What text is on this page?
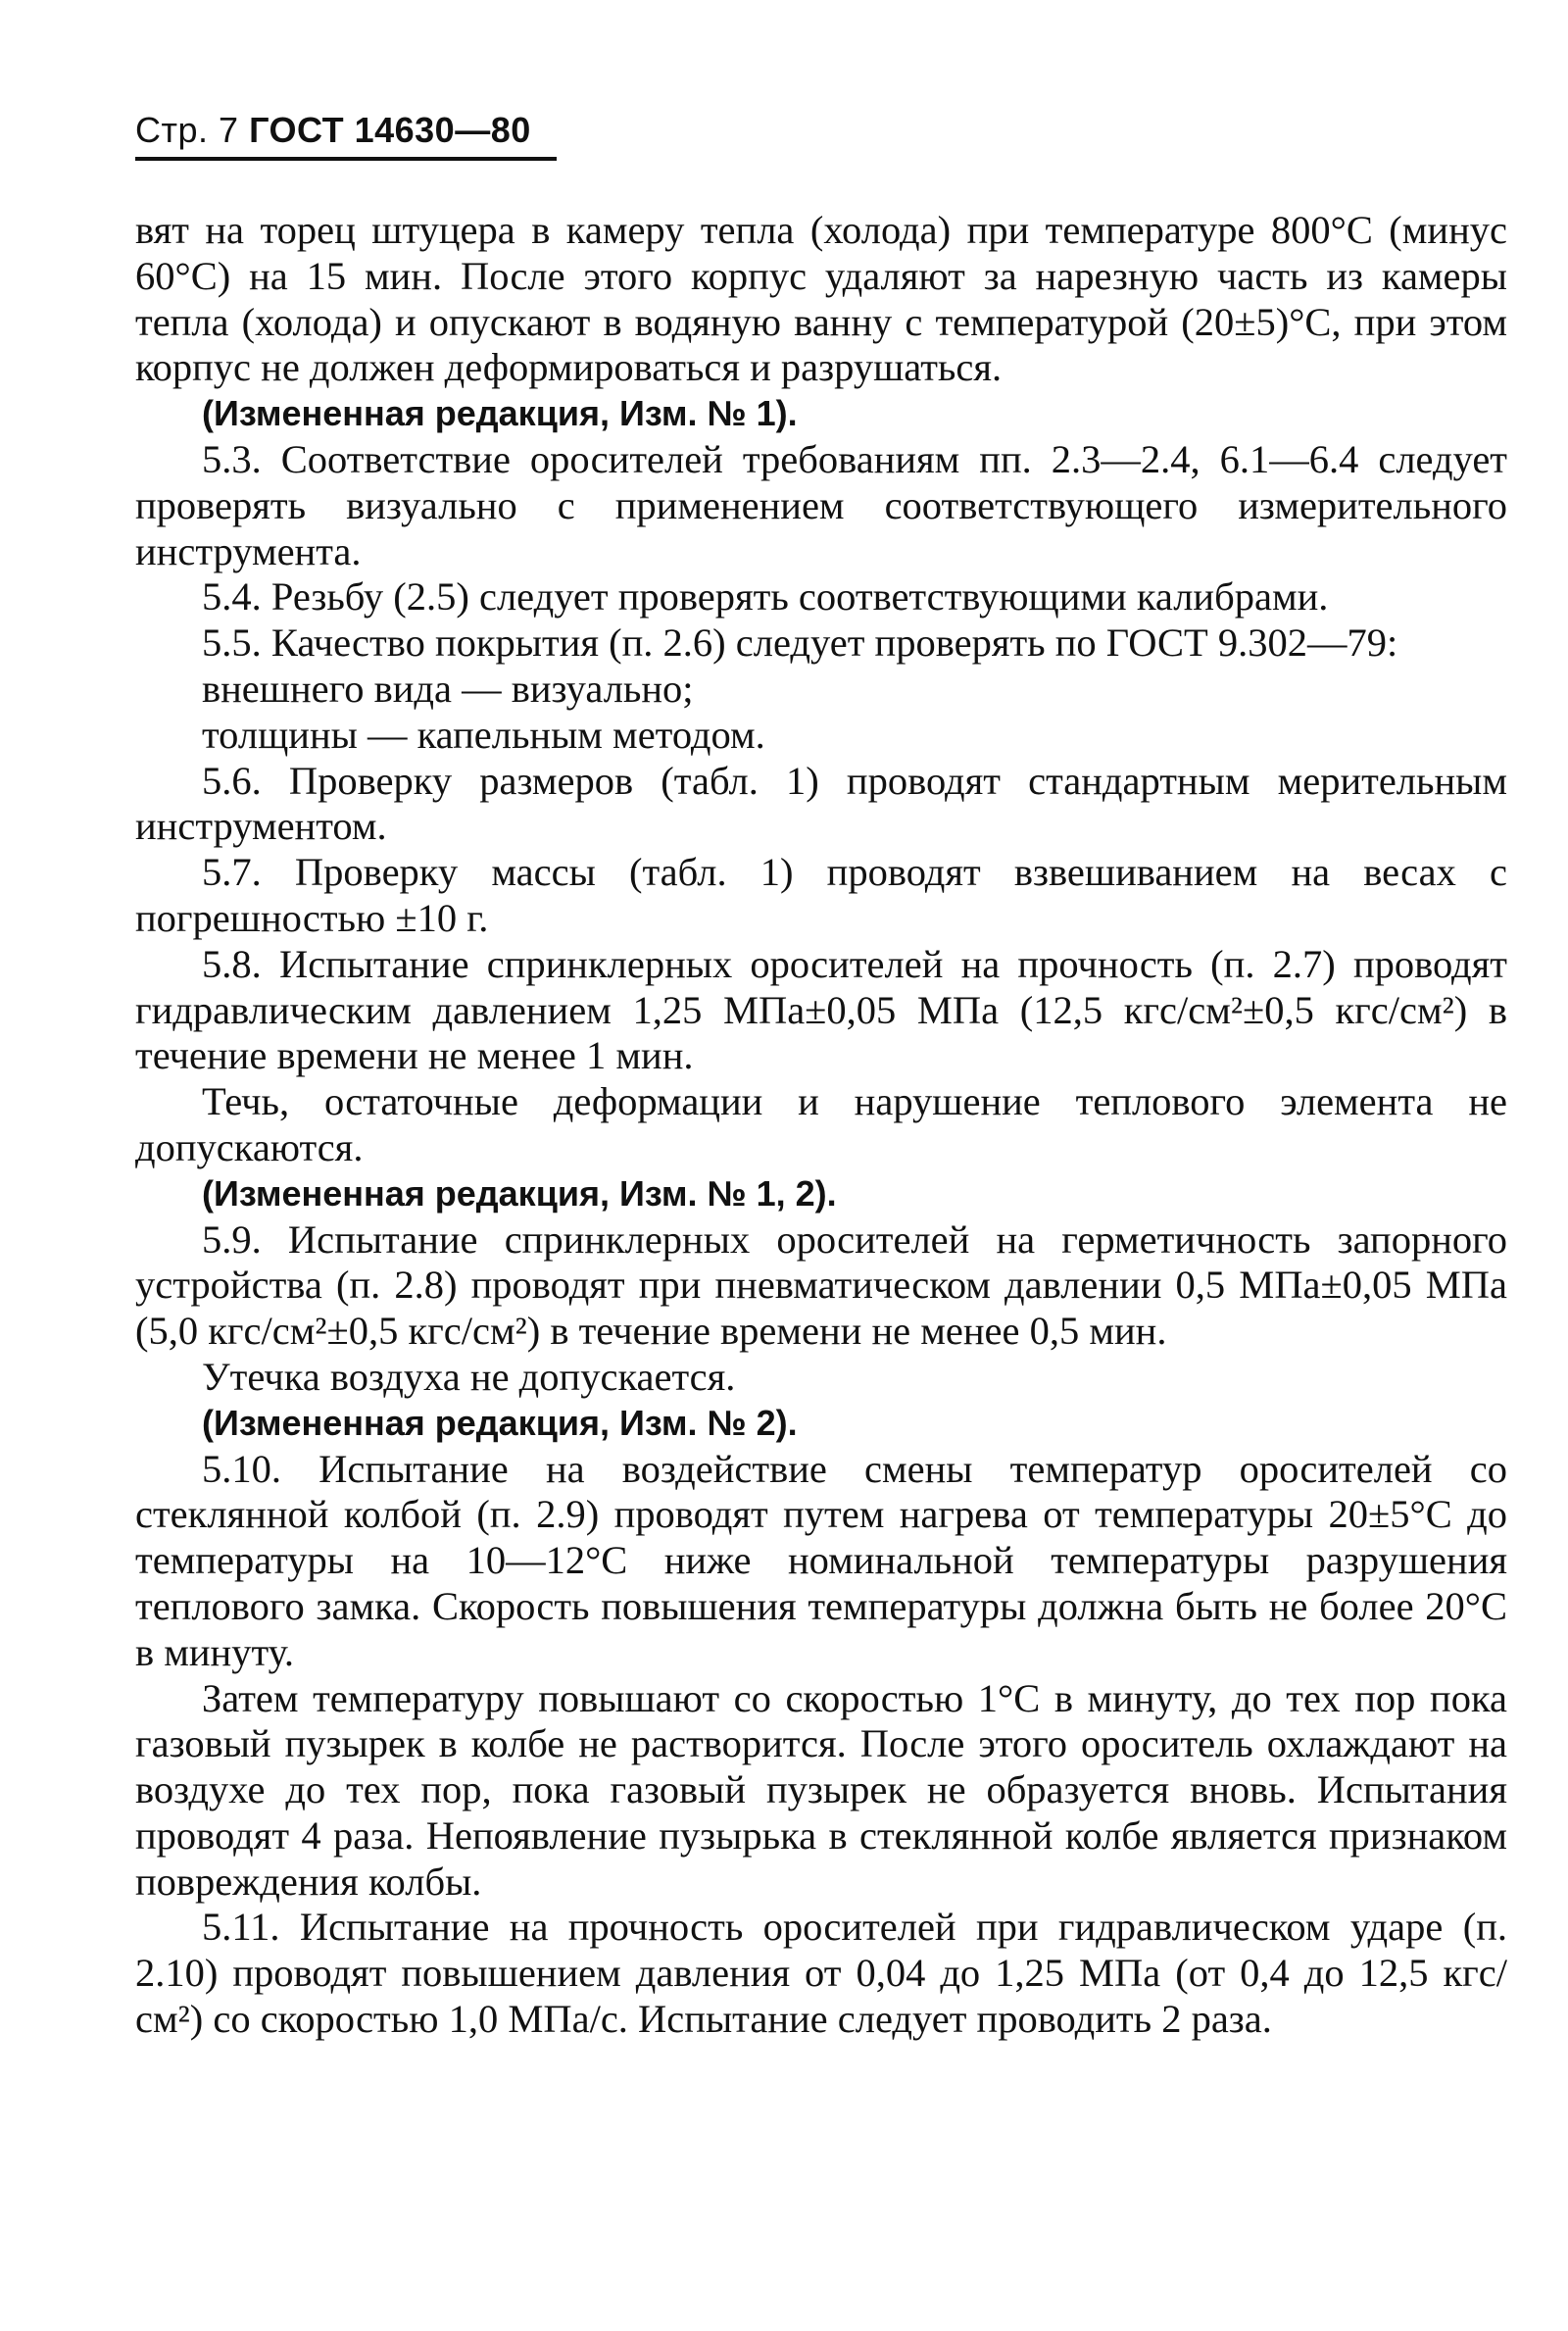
Стр. 7 ГОСТ 14630—80

вят на торец штуцера в камеру тепла (холода) при температуре 800°С (минус 60°С) на 15 мин. После этого корпус удаляют за нарезную часть из камеры тепла (холода) и опускают в водяную ванну с температурой (20±5)°С, при этом корпус не должен деформироваться и разрушаться.

(Измененная редакция, Изм. № 1).

5.3. Соответствие оросителей требованиям пп. 2.3—2.4, 6.1—6.4 следует проверять визуально с применением соответствующего измерительного инструмента.

5.4. Резьбу (2.5) следует проверять соответствующими калибрами.

5.5. Качество покрытия (п. 2.6) следует проверять по ГОСТ 9.302—79:

внешнего вида — визуально;

толщины — капельным методом.

5.6. Проверку размеров (табл. 1) проводят стандартным мерительным инструментом.

5.7. Проверку массы (табл. 1) проводят взвешиванием на весах с погрешностью ±10 г.

5.8. Испытание спринклерных оросителей на прочность (п. 2.7) проводят гидравлическим давлением 1,25 МПа±0,05 МПа (12,5 кгс/см²±0,5 кгс/см²) в течение времени не менее 1 мин.

Течь, остаточные деформации и нарушение теплового элемента не допускаются.

(Измененная редакция, Изм. № 1, 2).

5.9. Испытание спринклерных оросителей на герметичность запорного устройства (п. 2.8) проводят при пневматическом давлении 0,5 МПа±0,05 МПа (5,0 кгс/см²±0,5 кгс/см²) в течение времени не менее 0,5 мин.

Утечка воздуха не допускается.

(Измененная редакция, Изм. № 2).

5.10. Испытание на воздействие смены температур оросителей со стеклянной колбой (п. 2.9) проводят путем нагрева от температуры 20±5°С до температуры на 10—12°С ниже номинальной температуры разрушения теплового замка. Скорость повышения температуры должна быть не более 20°С в минуту.

Затем температуру повышают со скоростью 1°С в минуту, до тех пор пока газовый пузырек в колбе не растворится. После этого ороситель охлаждают на воздухе до тех пор, пока газовый пузырек не образуется вновь. Испытания проводят 4 раза. Непоявление пузырька в стеклянной колбе является признаком повреждения колбы.

5.11. Испытание на прочность оросителей при гидравлическом ударе (п. 2.10) проводят повышением давления от 0,04 до 1,25 МПа (от 0,4 до 12,5 кгс/см²) со скоростью 1,0 МПа/с. Испытание следует проводить 2 раза.
